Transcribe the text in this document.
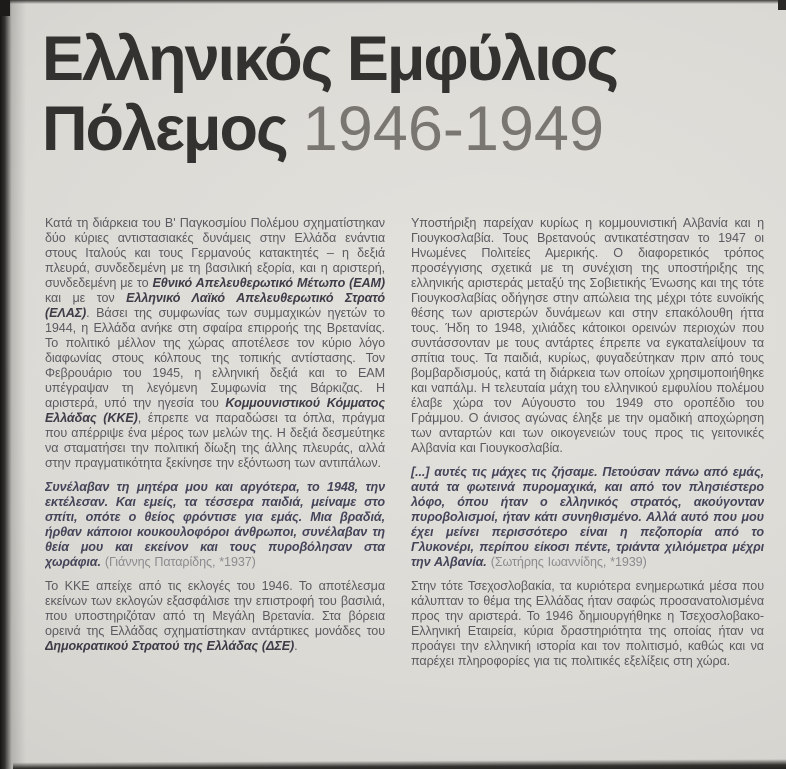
Ελληνικός Εμφύλιος
Πόλεμος 1946-1949

Κατά τη διάρκεια του Β' Παγκοσμίου Πολέμου σχηματίστηκαν δύο κύριες αντιστασιακές δυνάμεις στην Ελλάδα ενάντια στους Ιταλούς και τους Γερμανούς κατακτητές – η δεξιά πλευρά, συνδεδεμένη με τη βασιλική εξορία, και η αριστερή, συνδεδεμένη με το Εθνικό Απελευθερωτικό Μέτωπο (ΕΑΜ) και με τον Ελληνικό Λαϊκό Απελευθερωτικό Στρατό (ΕΛΑΣ). Βάσει της συμφωνίας των συμμαχικών ηγετών το 1944, η Ελλάδα ανήκε στη σφαίρα επιρροής της Βρετανίας. Το πολιτικό μέλλον της χώρας αποτέλεσε τον κύριο λόγο διαφωνίας στους κόλπους της τοπικής αντίστασης. Τον Φεβρουάριο του 1945, η ελληνική δεξιά και το ΕΑΜ υπέγραψαν τη λεγόμενη Συμφωνία της Βάρκιζας. Η αριστερά, υπό την ηγεσία του Κομμουνιστικού Κόμματος Ελλάδας (ΚΚΕ), έπρεπε να παραδώσει τα όπλα, πράγμα που απέρριψε ένα μέρος των μελών της. Η δεξιά δεσμεύτηκε να σταματήσει την πολιτική δίωξη της άλλης πλευράς, αλλά στην πραγματικότητα ξεκίνησε την εξόντωση των αντιπάλων.

Συνέλαβαν τη μητέρα μου και αργότερα, το 1948, την εκτέλεσαν. Και εμείς, τα τέσσερα παιδιά, μείναμε στο σπίτι, οπότε ο θείος φρόντισε για εμάς. Μια βραδιά, ήρθαν κάποιοι κουκουλοφόροι άνθρωποι, συνέλαβαν τη θεία μου και εκείνον και τους πυροβόλησαν στα χωράφια. (Γιάννης Παταρίδης, *1937)

Το ΚΚΕ απείχε από τις εκλογές του 1946. Το αποτέλεσμα εκείνων των εκλογών εξασφάλισε την επιστροφή του βασιλιά, που υποστηριζόταν από τη Μεγάλη Βρετανία. Στα βόρεια ορεινά της Ελλάδας σχηματίστηκαν αντάρτικες μονάδες του Δημοκρατικού Στρατού της Ελλάδας (ΔΣΕ).

Υποστήριξη παρείχαν κυρίως η κομμουνιστική Αλβανία και η Γιουγκοσλαβία. Τους Βρετανούς αντικατέστησαν το 1947 οι Ηνωμένες Πολιτείες Αμερικής. Ο διαφορετικός τρόπος προσέγγισης σχετικά με τη συνέχιση της υποστήριξης της ελληνικής αριστεράς μεταξύ της Σοβιετικής Ένωσης και της τότε Γιουγκοσλαβίας οδήγησε στην απώλεια της μέχρι τότε ευνοϊκής θέσης των αριστερών δυνάμεων και στην επακόλουθη ήττα τους. Ήδη το 1948, χιλιάδες κάτοικοι ορεινών περιοχών που συντάσσονταν με τους αντάρτες έπρεπε να εγκαταλείψουν τα σπίτια τους. Τα παιδιά, κυρίως, φυγαδεύτηκαν πριν από τους βομβαρδισμούς, κατά τη διάρκεια των οποίων χρησιμοποιήθηκε και ναπάλμ. Η τελευταία μάχη του ελληνικού εμφυλίου πολέμου έλαβε χώρα τον Αύγουστο του 1949 στο οροπέδιο του Γράμμου. Ο άνισος αγώνας έληξε με την ομαδική αποχώρηση των ανταρτών και των οικογενειών τους προς τις γειτονικές Αλβανία και Γιουγκοσλαβία.

[...] αυτές τις μάχες τις ζήσαμε. Πετούσαν πάνω από εμάς, αυτά τα φωτεινά πυρομαχικά, και από τον πλησιέστερο λόφο, όπου ήταν ο ελληνικός στρατός, ακούγονταν πυροβολισμοί, ήταν κάτι συνηθισμένο. Αλλά αυτό που μου έχει μείνει περισσότερο είναι η πεζοπορία από το Γλυκονέρι, περίπου είκοσι πέντε, τριάντα χιλιόμετρα μέχρι την Αλβανία. (Σωτήρης Ιωαννίδης, *1939)

Στην τότε Τσεχοσλοβακία, τα κυριότερα ενημερωτικά μέσα που κάλυπταν το θέμα της Ελλάδας ήταν σαφώς προσανατολισμένα προς την αριστερά. Το 1946 δημιουργήθηκε η Τσεχοσλοβακο-Ελληνική Εταιρεία, κύρια δραστηριότητα της οποίας ήταν να προάγει την ελληνική ιστορία και τον πολιτισμό, καθώς και να παρέχει πληροφορίες για τις πολιτικές εξελίξεις στη χώρα.
